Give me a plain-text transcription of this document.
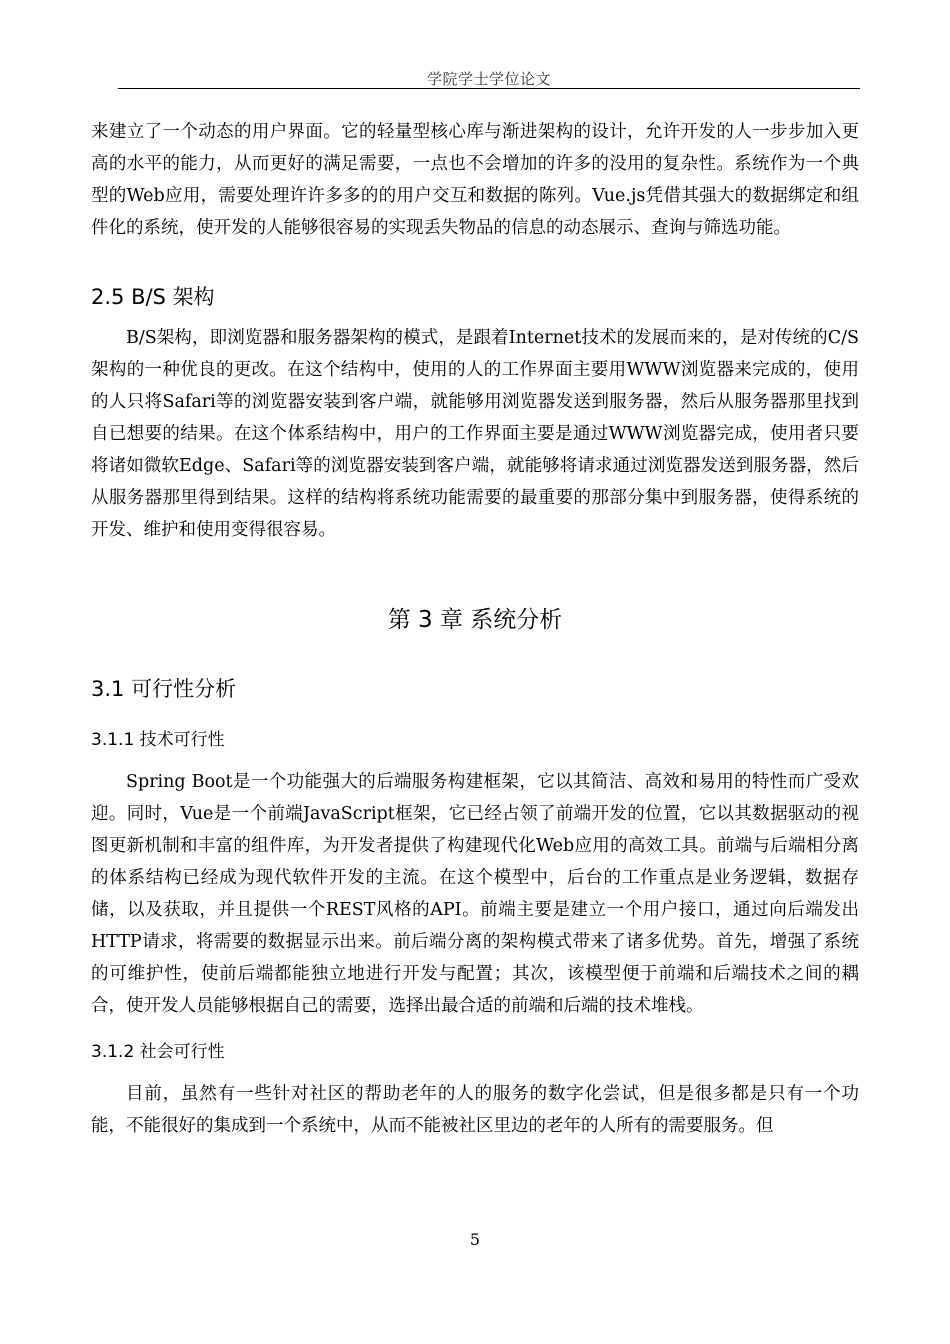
学院学士学位论文

来建立了一个动态的用户界面。它的轻量型核心库与渐进架构的设计，允许开发的人一步步加入更高的水平的能力，从而更好的满足需要，一点也不会增加的许多的没用的复杂性。系统作为一个典型的Web应用，需要处理许许多多的的用户交互和数据的陈列。Vue.js凭借其强大的数据绑定和组件化的系统，使开发的人能够很容易的实现丢失物品的信息的动态展示、查询与筛选功能。

2.5 B/S 架构

B/S架构，即浏览器和服务器架构的模式，是跟着Internet技术的发展而来的，是对传统的C/S架构的一种优良的更改。在这个结构中，使用的人的工作界面主要用WWW浏览器来完成的，使用的人只将Safari等的浏览器安装到客户端，就能够用浏览器发送到服务器，然后从服务器那里找到自已想要的结果。在这个体系结构中，用户的工作界面主要是通过WWW浏览器完成，使用者只要将诸如微软Edge、Safari等的浏览器安装到客户端，就能够将请求通过浏览器发送到服务器，然后从服务器那里得到结果。这样的结构将系统功能需要的最重要的那部分集中到服务器，使得系统的开发、维护和使用变得很容易。

第 3 章 系统分析
3.1 可行性分析
3.1.1 技术可行性

Spring Boot是一个功能强大的后端服务构建框架，它以其简洁、高效和易用的特性而广受欢迎。同时，Vue是一个前端JavaScript框架，它已经占领了前端开发的位置，它以其数据驱动的视图更新机制和丰富的组件库，为开发者提供了构建现代化Web应用的高效工具。前端与后端相分离的体系结构已经成为现代软件开发的主流。在这个模型中，后台的工作重点是业务逻辑，数据存储，以及获取，并且提供一个REST风格的API。前端主要是建立一个用户接口，通过向后端发出HTTP请求，将需要的数据显示出来。前后端分离的架构模式带来了诸多优势。首先，增强了系统的可维护性，使前后端都能独立地进行开发与配置；其次，该模型便于前端和后端技术之间的耦合，使开发人员能够根据自己的需要，选择出最合适的前端和后端的技术堆栈。

3.1.2 社会可行性

目前，虽然有一些针对社区的帮助老年的人的服务的数字化尝试，但是很多都是只有一个功能，不能很好的集成到一个系统中，从而不能被社区里边的老年的人所有的需要服务。但

5
